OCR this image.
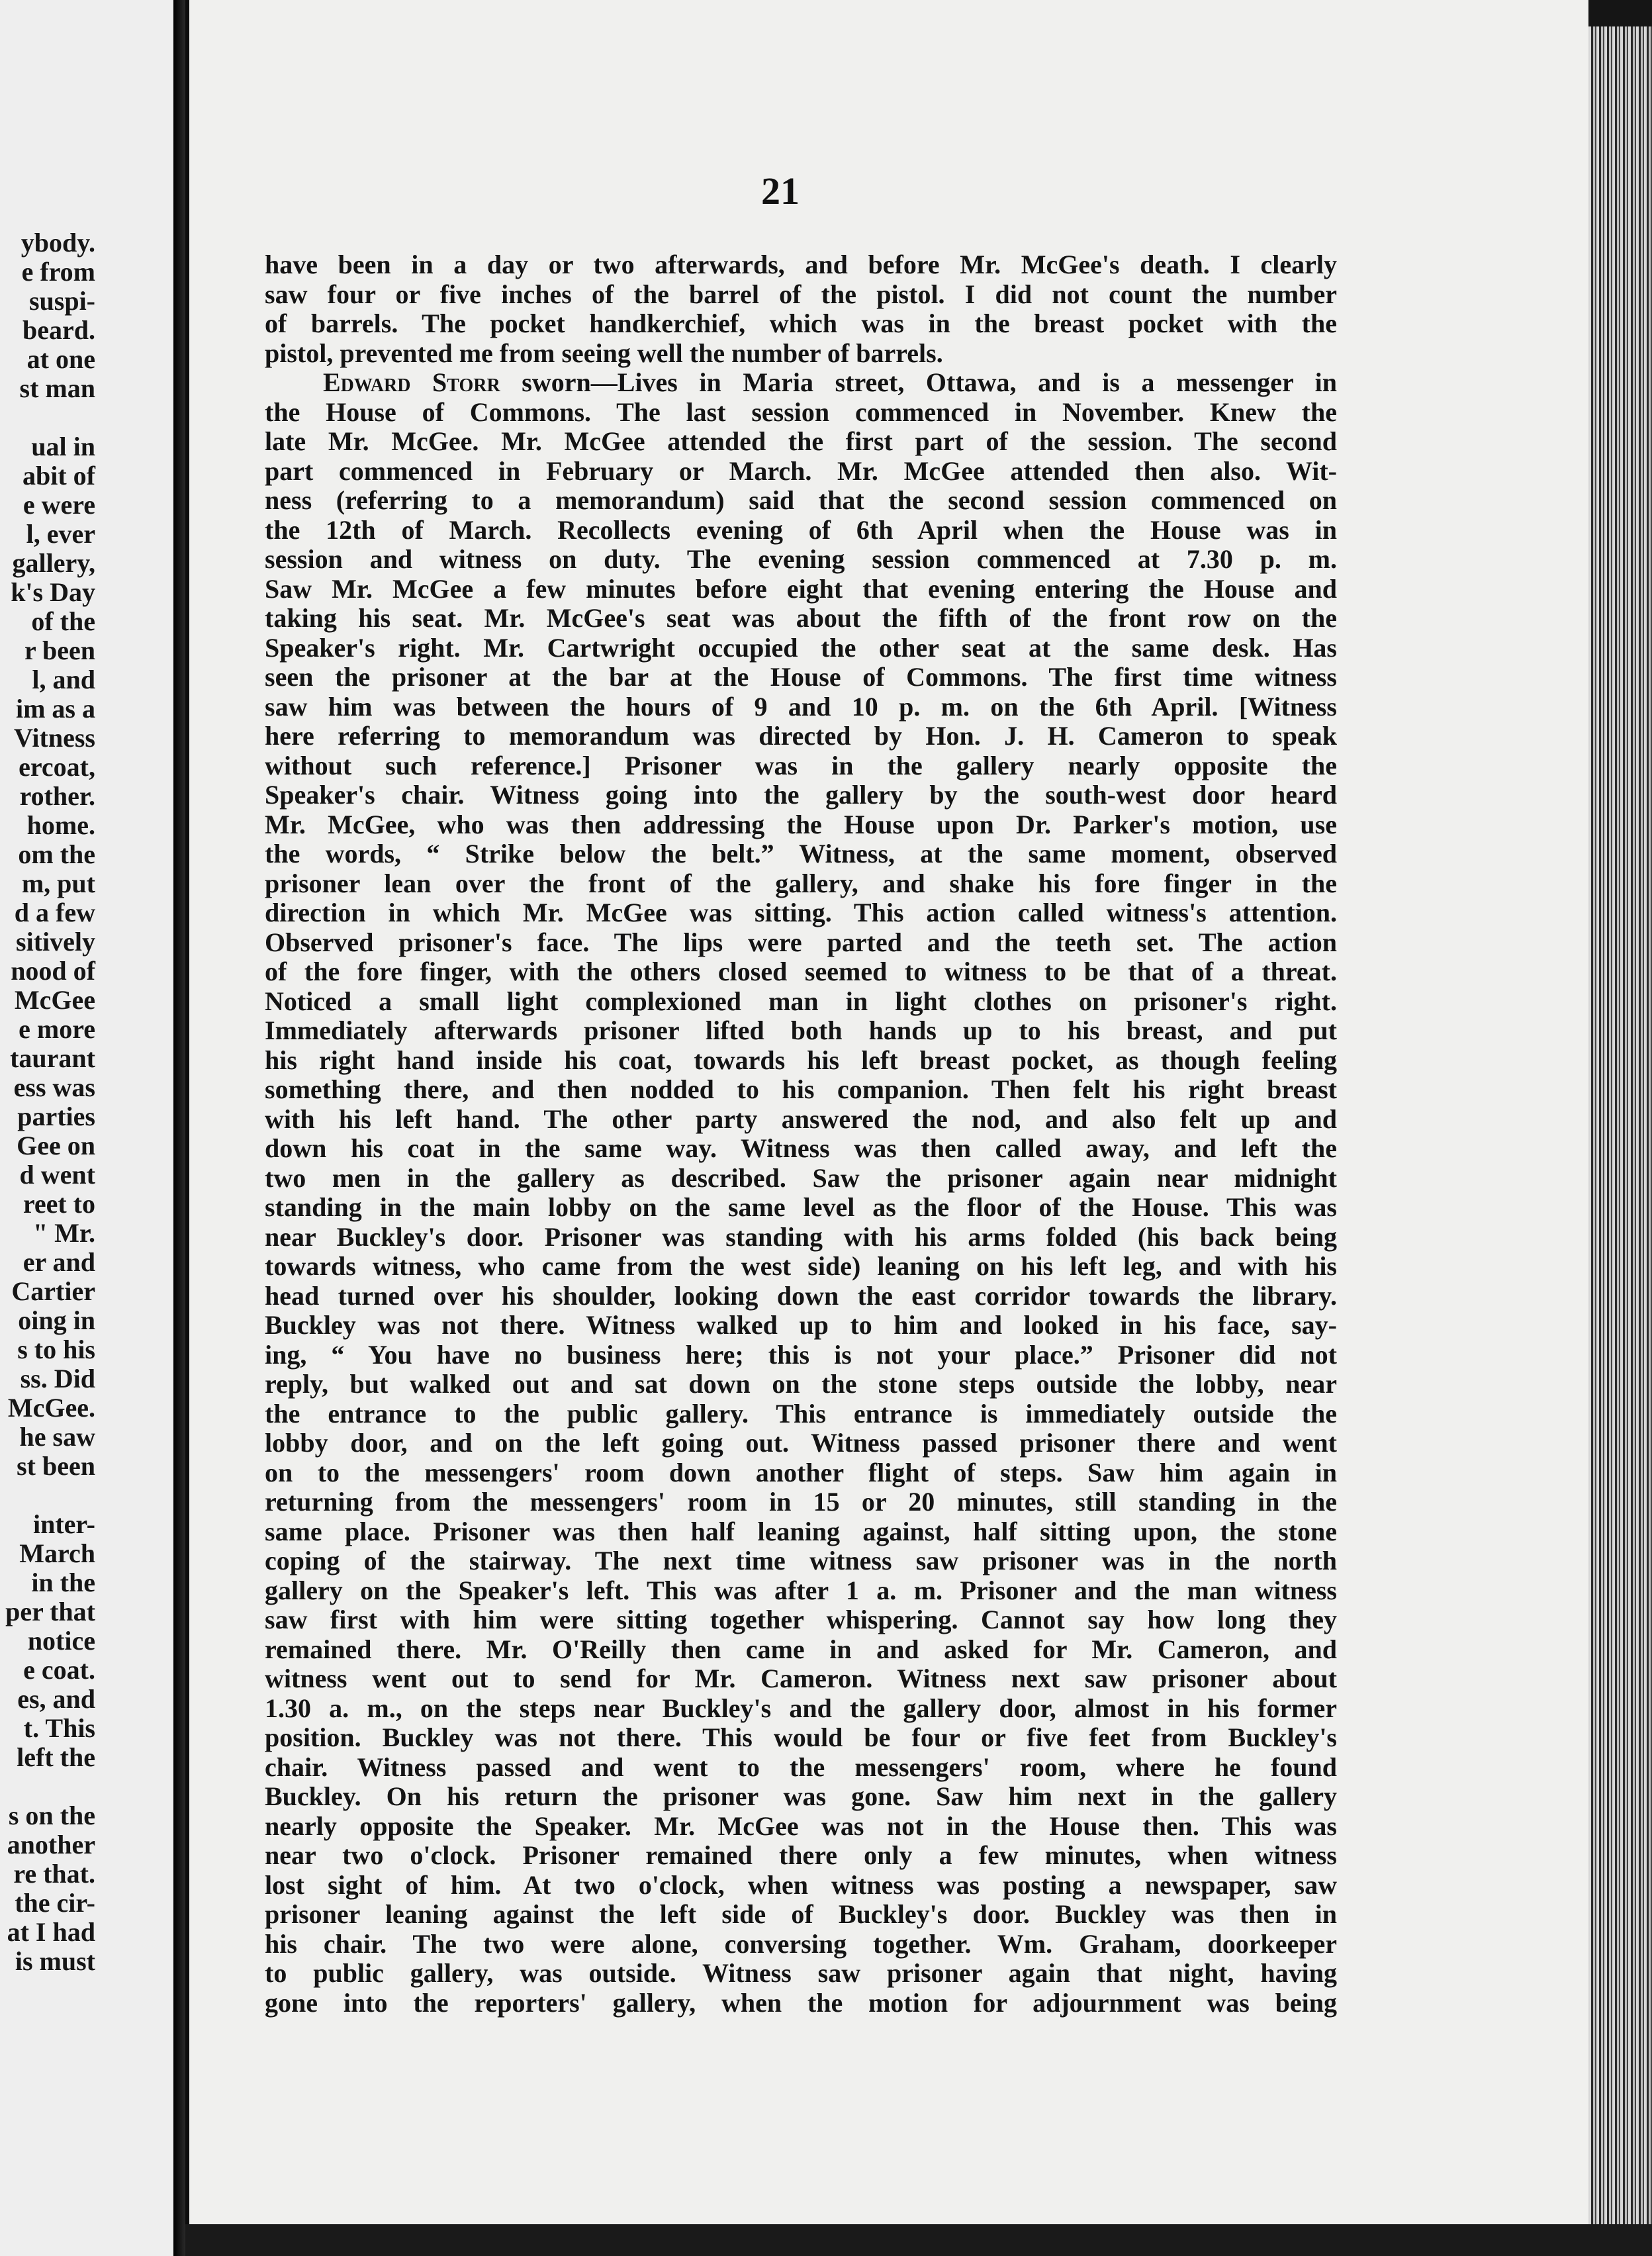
ybody.
e from
suspi-
beard.
at one
st man
ual in
abit of
e were
l, ever
gallery,
k's Day
of the
r been
l, and
im as a
Vitness
ercoat,
rother.
home.
om the
m, put
d a few
sitively
nood of
McGee
e more
taurant
ess was
parties
Gee on
d went
reet to
" Mr.
er and
Cartier
oing in
s to his
ss. Did
McGee.
he saw
st been
inter-
March
in the
per that
notice
e coat.
es, and
t. This
left the
s on the
another
re that.
the cir-
at I had
is must
21

have been in a day or two afterwards, and before Mr. McGee's death. I clearly

saw four or five inches of the barrel of the pistol. I did not count the number

of barrels. The pocket handkerchief, which was in the breast pocket with the

pistol, prevented me from seeing well the number of barrels.

Edward Storr sworn—Lives in Maria street, Ottawa, and is a messenger in

the House of Commons. The last session commenced in November. Knew the

late Mr. McGee. Mr. McGee attended the first part of the session. The second

part commenced in February or March. Mr. McGee attended then also. Wit-

ness (referring to a memorandum) said that the second session commenced on

the 12th of March. Recollects evening of 6th April when the House was in

session and witness on duty. The evening session commenced at 7.30 p. m.

Saw Mr. McGee a few minutes before eight that evening entering the House and

taking his seat. Mr. McGee's seat was about the fifth of the front row on the

Speaker's right. Mr. Cartwright occupied the other seat at the same desk. Has

seen the prisoner at the bar at the House of Commons. The first time witness

saw him was between the hours of 9 and 10 p. m. on the 6th April. [Witness

here referring to memorandum was directed by Hon. J. H. Cameron to speak

without such reference.] Prisoner was in the gallery nearly opposite the

Speaker's chair. Witness going into the gallery by the south-west door heard

Mr. McGee, who was then addressing the House upon Dr. Parker's motion, use

the words, “ Strike below the belt.” Witness, at the same moment, observed

prisoner lean over the front of the gallery, and shake his fore finger in the

direction in which Mr. McGee was sitting. This action called witness's attention.

Observed prisoner's face. The lips were parted and the teeth set. The action

of the fore finger, with the others closed seemed to witness to be that of a threat.

Noticed a small light complexioned man in light clothes on prisoner's right.

Immediately afterwards prisoner lifted both hands up to his breast, and put

his right hand inside his coat, towards his left breast pocket, as though feeling

something there, and then nodded to his companion. Then felt his right breast

with his left hand. The other party answered the nod, and also felt up and

down his coat in the same way. Witness was then called away, and left the

two men in the gallery as described. Saw the prisoner again near midnight

standing in the main lobby on the same level as the floor of the House. This was

near Buckley's door. Prisoner was standing with his arms folded (his back being

towards witness, who came from the west side) leaning on his left leg, and with his

head turned over his shoulder, looking down the east corridor towards the library.

Buckley was not there. Witness walked up to him and looked in his face, say-

ing, “ You have no business here; this is not your place.” Prisoner did not

reply, but walked out and sat down on the stone steps outside the lobby, near

the entrance to the public gallery. This entrance is immediately outside the

lobby door, and on the left going out. Witness passed prisoner there and went

on to the messengers' room down another flight of steps. Saw him again in

returning from the messengers' room in 15 or 20 minutes, still standing in the

same place. Prisoner was then half leaning against, half sitting upon, the stone

coping of the stairway. The next time witness saw prisoner was in the north

gallery on the Speaker's left. This was after 1 a. m. Prisoner and the man witness

saw first with him were sitting together whispering. Cannot say how long they

remained there. Mr. O'Reilly then came in and asked for Mr. Cameron, and

witness went out to send for Mr. Cameron. Witness next saw prisoner about

1.30 a. m., on the steps near Buckley's and the gallery door, almost in his former

position. Buckley was not there. This would be four or five feet from Buckley's

chair. Witness passed and went to the messengers' room, where he found

Buckley. On his return the prisoner was gone. Saw him next in the gallery

nearly opposite the Speaker. Mr. McGee was not in the House then. This was

near two o'clock. Prisoner remained there only a few minutes, when witness

lost sight of him. At two o'clock, when witness was posting a newspaper, saw

prisoner leaning against the left side of Buckley's door. Buckley was then in

his chair. The two were alone, conversing together. Wm. Graham, doorkeeper

to public gallery, was outside. Witness saw prisoner again that night, having

gone into the reporters' gallery, when the motion for adjournment was being
